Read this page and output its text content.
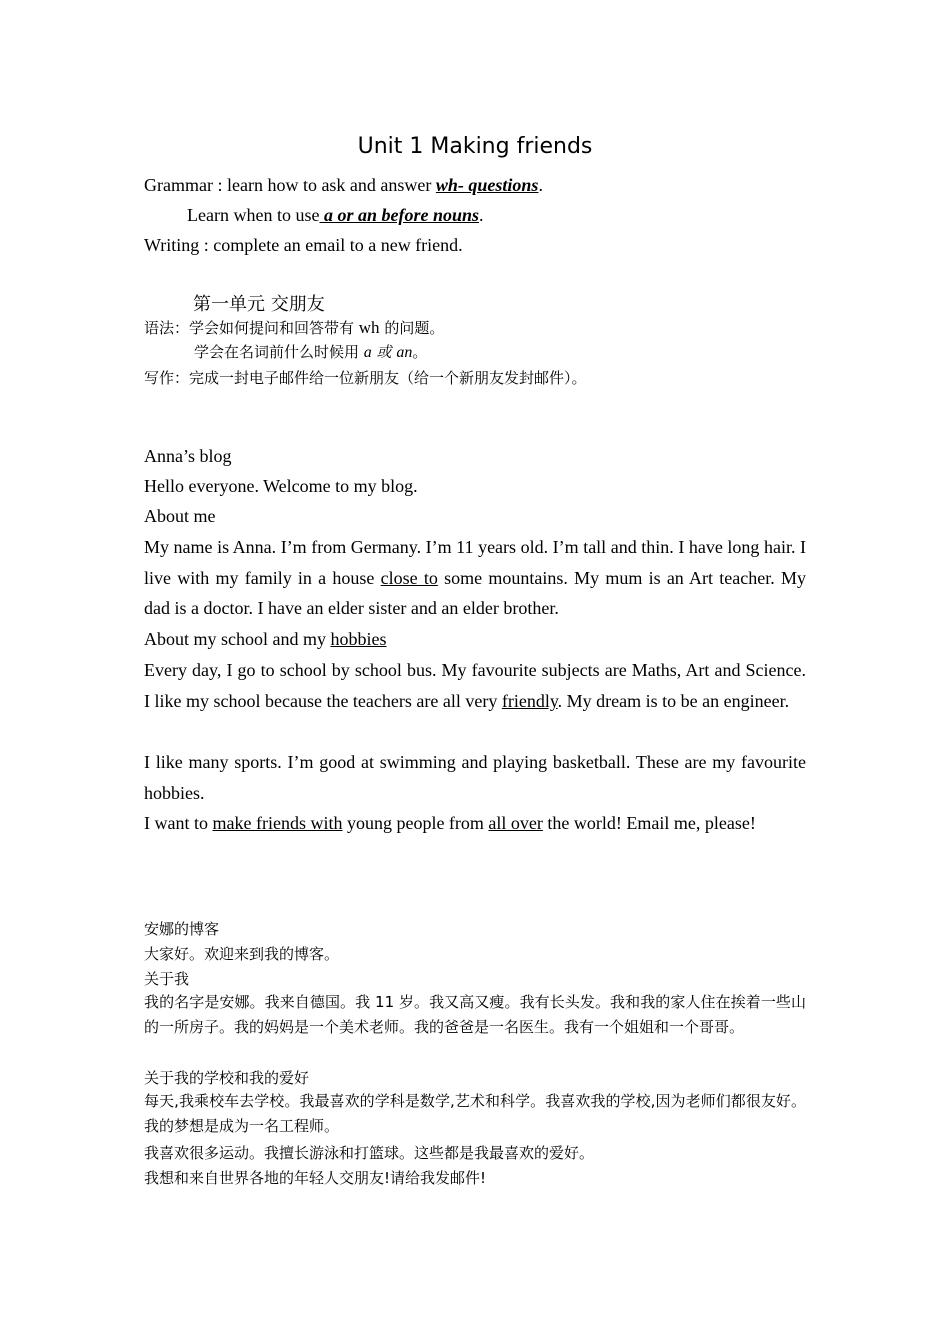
Unit 1 Making friends
Grammar : learn how to ask and answer wh- questions.
Learn when to use a or an before nouns.
Writing : complete an email to a new friend.
第一单元 交朋友
语法：学会如何提问和回答带有 wh 的问题。
学会在名词前什么时候用 a 或 an。
写作：完成一封电子邮件给一位新朋友（给一个新朋友发封邮件）。
Anna’s blog
Hello everyone. Welcome to my blog.
About me
My name is Anna. I’m from Germany. I’m 11 years old. I’m tall and thin. I have long hair. I live with my family in a house close to some mountains. My mum is an Art teacher. My dad is a doctor. I have an elder sister and an elder brother.
About my school and my hobbies
Every day, I go to school by school bus. My favourite subjects are Maths, Art and Science. I like my school because the teachers are all very friendly. My dream is to be an engineer.
I like many sports. I’m good at swimming and playing basketball. These are my favourite hobbies.
I want to make friends with young people from all over the world! Email me, please!
安娜的博客
大家好。欢迎来到我的博客。
关于我
我的名字是安娜。我来自德国。我 11 岁。我又高又瘦。我有长头发。我和我的家人住在挨着一些山的一所房子。我的妈妈是一个美术老师。我的爸爸是一名医生。我有一个姐姐和一个哥哥。
关于我的学校和我的爱好
每天,我乘校车去学校。我最喜欢的学科是数学,艺术和科学。我喜欢我的学校,因为老师们都很友好。我的梦想是成为一名工程师。
我喜欢很多运动。我擅长游泳和打篮球。这些都是我最喜欢的爱好。
我想和来自世界各地的年轻人交朋友!请给我发邮件!
